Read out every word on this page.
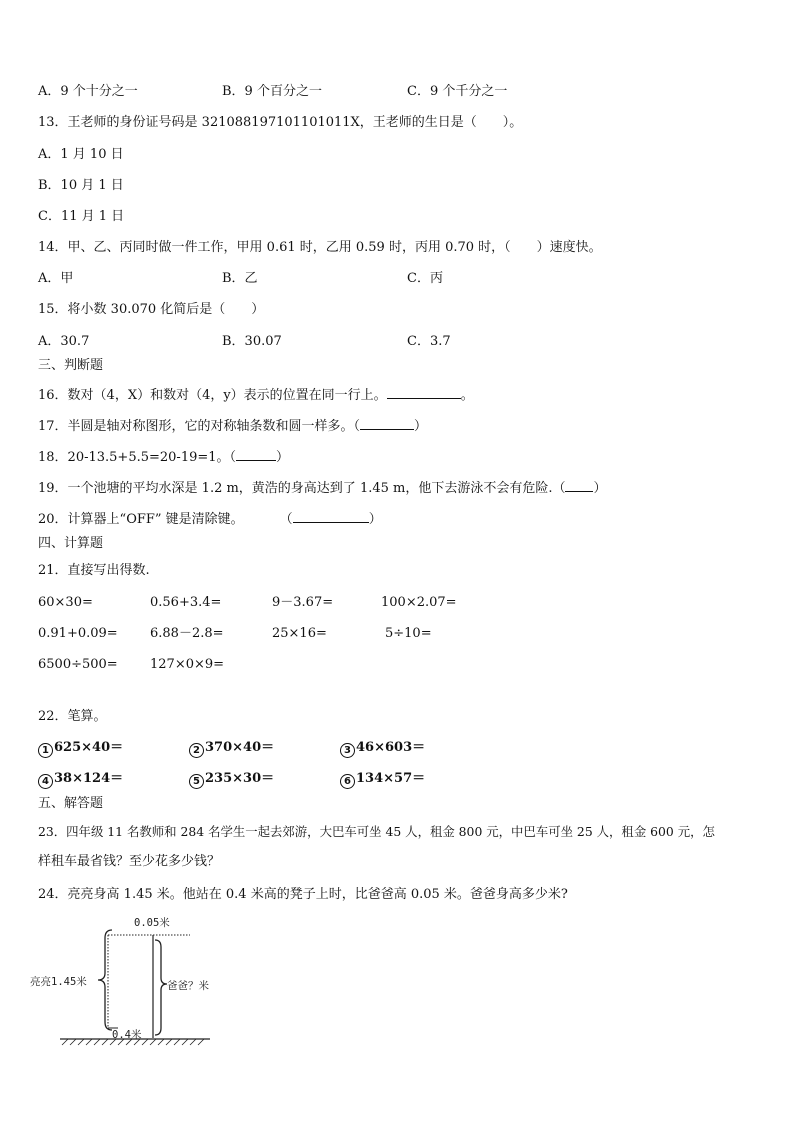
A．9 个十分之一	B．9 个百分之一	C．9 个千分之一
13．王老师的身份证号码是 321088197101101011X，王老师的生日是（　　）。
A．1 月 10 日
B．10 月 1 日
C．11 月 1 日
14．甲、乙、丙同时做一件工作，甲用 0.61 时，乙用 0.59 时，丙用 0.70 时，（　　）速度快。
A．甲	B．乙	C．丙
15．将小数 30.070 化简后是（　　）
A．30.7	B．30.07	C．3.7
三、判断题
16．数对（4，X）和数对（4，y）表示的位置在同一行上。	。
17．半圆是轴对称图形，它的对称轴条数和圆一样多。（	）
18．20-13.5+5.5=20-19=1。（	）
19．一个池塘的平均水深是 1.2 m，黄浩的身高达到了 1.45 m，他下去游泳不会有危险.（ ）
20．计算器上“OFF” 键是清除键。	（	）
四、计算题
21．直接写出得数.
60×30=	0.56+3.4=	9－3.67=	100×2.07=
0.91+0.09= 6.88－2.8=	25×16=	5÷10=
6500÷500= 127×0×9=
22．笔算。
1 625×40＝	2 370×40＝	3 46×603＝
4 38×124＝	5 235×30＝	6 134×57＝
五、解答题
23．四年级 11 名教师和 284 名学生一起去郊游，大巴车可坐 45 人，租金 800 元，中巴车可坐 25 人，租金 600 元，怎
样租车最省钱？至少花多少钱？
24．亮亮身高 1.45 米。他站在 0.4 米高的凳子上时，比爸爸高 0.05 米。爸爸身高多少米?
0.05米
亮亮1.45米	爸爸？米
0.4米
